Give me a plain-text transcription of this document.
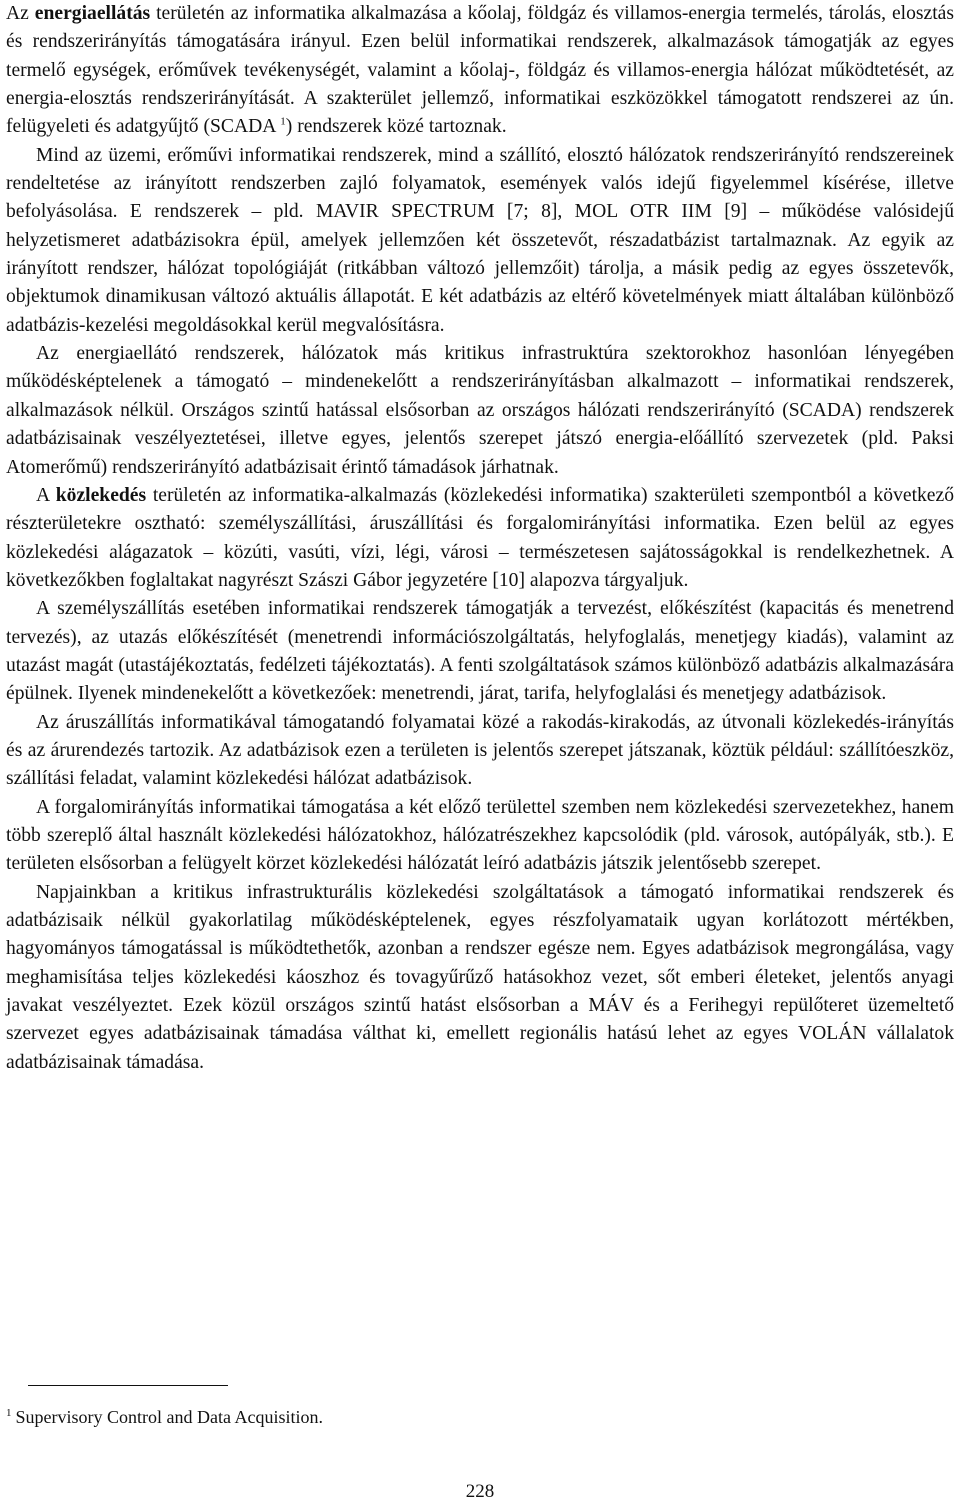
Az energiaellátás területén az informatika alkalmazása a kőolaj, földgáz és villamos-energia termelés, tárolás, elosztás és rendszerirányítás támogatására irányul. Ezen belül informatikai rendszerek, alkalmazások támogatják az egyes termelő egységek, erőművek tevékenységét, valamint a kőolaj-, földgáz és villamos-energia hálózat működtetését, az energia-elosztás rendszerirányítását. A szakterület jellemző, informatikai eszközökkel támogatott rendszerei az ún. felügyeleti és adatgyűjtő (SCADA $^1$) rendszerek közé tartoznak.

Mind az üzemi, erőművi informatikai rendszerek, mind a szállító, elosztó hálózatok rendszerirányító rendszereinek rendeltetése az irányított rendszerben zajló folyamatok, események valós idejű figyelemmel kísérése, illetve befolyásolása. E rendszerek – pld. MAVIR SPECTRUM [7; 8], MOL OTR IIM [9] – működése valósidejű helyzetismeret adatbázisokra épül, amelyek jellemzően két összetevőt, részadatbázist tartalmaznak. Az egyik az irányított rendszer, hálózat topológiáját (ritkábban változó jellemzőit) tárolja, a másik pedig az egyes összetevők, objektumok dinamikusan változó aktuális állapotát. E két adatbázis az eltérő követelmények miatt általában különböző adatbázis-kezelési megoldásokkal kerül megvalósításra.

Az energiaellátó rendszerek, hálózatok más kritikus infrastruktúra szektorokhoz hasonlóan lényegében működésképtelenek a támogató – mindenekelőtt a rendszerirányításban alkalmazott – informatikai rendszerek, alkalmazások nélkül. Országos szintű hatással elsősorban az országos hálózati rendszerirányító (SCADA) rendszerek adatbázisainak veszélyeztetései, illetve egyes, jelentős szerepet játszó energia-előállító szervezetek (pld. Paksi Atomerőmű) rendszerirányító adatbázisait érintő támadások járhatnak.

A közlekedés területén az informatika-alkalmazás (közlekedési informatika) szakterületi szempontból a következő részterületekre osztható: személyszállítási, áruszállítási és forgalomirányítási informatika. Ezen belül az egyes közlekedési alágazatok – közúti, vasúti, vízi, légi, városi – természetesen sajátosságokkal is rendelkezhetnek. A következőkben foglaltakat nagyrészt Szászi Gábor jegyzetére [10] alapozva tárgyaljuk.

A személyszállítás esetében informatikai rendszerek támogatják a tervezést, előkészítést (kapacitás és menetrend tervezés), az utazás előkészítését (menetrendi információszolgáltatás, helyfoglalás, menetjegy kiadás), valamint az utazást magát (utastájékoztatás, fedélzeti tájékoztatás). A fenti szolgáltatások számos különböző adatbázis alkalmazására épülnek. Ilyenek mindenekelőtt a következőek: menetrendi, járat, tarifa, helyfoglalási és menetjegy adatbázisok.

Az áruszállítás informatikával támogatandó folyamatai közé a rakodás-kirakodás, az útvonali közlekedés-irányítás és az árurendezés tartozik. Az adatbázisok ezen a területen is jelentős szerepet játszanak, köztük például: szállítóeszköz, szállítási feladat, valamint közlekedési hálózat adatbázisok.

A forgalomirányítás informatikai támogatása a két előző területtel szemben nem közlekedési szervezetekhez, hanem több szereplő által használt közlekedési hálózatokhoz, hálózatrészekhez kapcsolódik (pld. városok, autópályák, stb.). E területen elsősorban a felügyelt körzet közlekedési hálózatát leíró adatbázis játszik jelentősebb szerepet.

Napjainkban a kritikus infrastrukturális közlekedési szolgáltatások a támogató informatikai rendszerek és adatbázisaik nélkül gyakorlatilag működésképtelenek, egyes részfolyamataik ugyan korlátozott mértékben, hagyományos támogatással is működtethetők, azonban a rendszer egésze nem. Egyes adatbázisok megrongálása, vagy meghamisítása teljes közlekedési káoszhoz és tovagyűrűző hatásokhoz vezet, sőt emberi életeket, jelentős anyagi javakat veszélyeztet. Ezek közül országos szintű hatást elsősorban a MÁV és a Ferihegyi repülőteret üzemeltető szervezet egyes adatbázisainak támadása válthat ki, emellett regionális hatású lehet az egyes VOLÁN vállalatok adatbázisainak támadása.

$^1$ Supervisory Control and Data Acquisition.
228
